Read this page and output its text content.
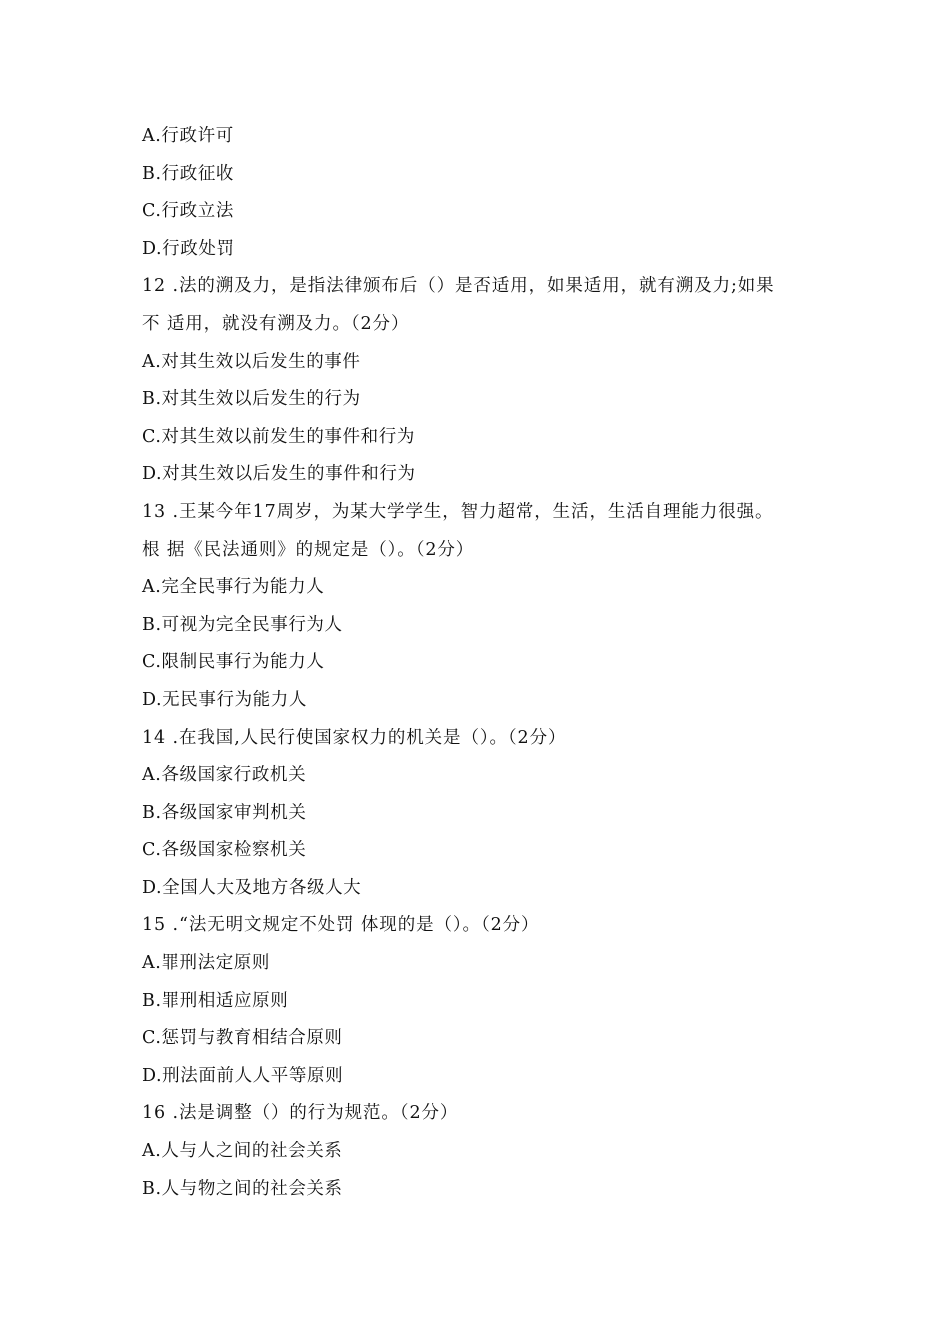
A.行政许可
B.行政征收
C.行政立法
D.行政处罚
12 .法的溯及力，是指法律颁布后（）是否适用，如果适用，就有溯及力;如果
不 适用，就没有溯及力。（2分）
A.对其生效以后发生的事件
B.对其生效以后发生的行为
C.对其生效以前发生的事件和行为
D.对其生效以后发生的事件和行为
13 .王某今年17周岁，为某大学学生，智力超常，生活，生活自理能力很强。
根 据《民法通则》的规定是（）。（2分）
A.完全民事行为能力人
B.可视为完全民事行为人
C.限制民事行为能力人
D.无民事行为能力人
14 .在我国,人民行使国家权力的机关是（）。（2分）
A.各级国家行政机关
B.各级国家审判机关
C.各级国家检察机关
D.全国人大及地方各级人大
15 .“法无明文规定不处罚 体现的是（）。（2分）
A.罪刑法定原则
B.罪刑相适应原则
C.惩罚与教育相结合原则
D.刑法面前人人平等原则
16 .法是调整（）的行为规范。（2分）
A.人与人之间的社会关系
B.人与物之间的社会关系
